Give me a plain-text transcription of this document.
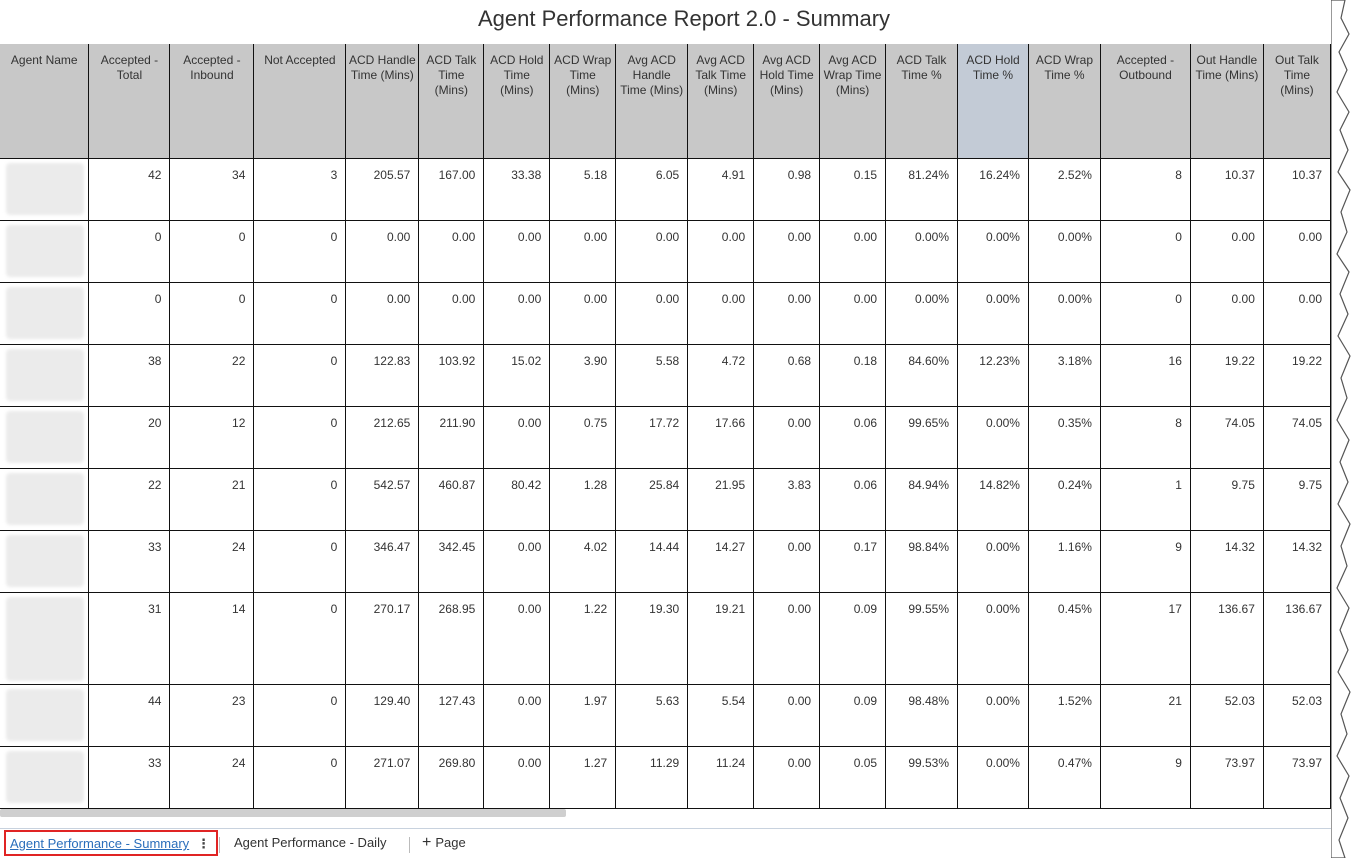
Agent Performance Report 2.0 - Summary
Agent Name	Accepted - Total	Accepted - Inbound	Not Accepted	ACD Handle Time (Mins)	ACD Talk Time (Mins)	ACD Hold Time (Mins)	ACD Wrap Time (Mins)	Avg ACD Handle Time (Mins)	Avg ACD Talk Time (Mins)	Avg ACD Hold Time (Mins)	Avg ACD Wrap Time (Mins)	ACD Talk Time %	ACD Hold Time %	ACD Wrap Time %	Accepted - Outbound	Out Handle Time (Mins)	Out Talk Time (Mins)

	42	34	3	205.57	167.00	33.38	5.18	6.05	4.91	0.98	0.15	81.24%	16.24%	2.52%	8	10.37	10.37

	0	0	0	0.00	0.00	0.00	0.00	0.00	0.00	0.00	0.00	0.00%	0.00%	0.00%	0	0.00	0.00

	0	0	0	0.00	0.00	0.00	0.00	0.00	0.00	0.00	0.00	0.00%	0.00%	0.00%	0	0.00	0.00

	38	22	0	122.83	103.92	15.02	3.90	5.58	4.72	0.68	0.18	84.60%	12.23%	3.18%	16	19.22	19.22

	20	12	0	212.65	211.90	0.00	0.75	17.72	17.66	0.00	0.06	99.65%	0.00%	0.35%	8	74.05	74.05

	22	21	0	542.57	460.87	80.42	1.28	25.84	21.95	3.83	0.06	84.94%	14.82%	0.24%	1	9.75	9.75

	33	24	0	346.47	342.45	0.00	4.02	14.44	14.27	0.00	0.17	98.84%	0.00%	1.16%	9	14.32	14.32

	31	14	0	270.17	268.95	0.00	1.22	19.30	19.21	0.00	0.09	99.55%	0.00%	0.45%	17	136.67	136.67

	44	23	0	129.40	127.43	0.00	1.97	5.63	5.54	0.00	0.09	98.48%	0.00%	1.52%	21	52.03	52.03

	33	24	0	271.07	269.80	0.00	1.27	11.29	11.24	0.00	0.05	99.53%	0.00%	0.47%	9	73.97	73.97
Agent Performance - Summary ⋮ Agent Performance - Daily + Page
